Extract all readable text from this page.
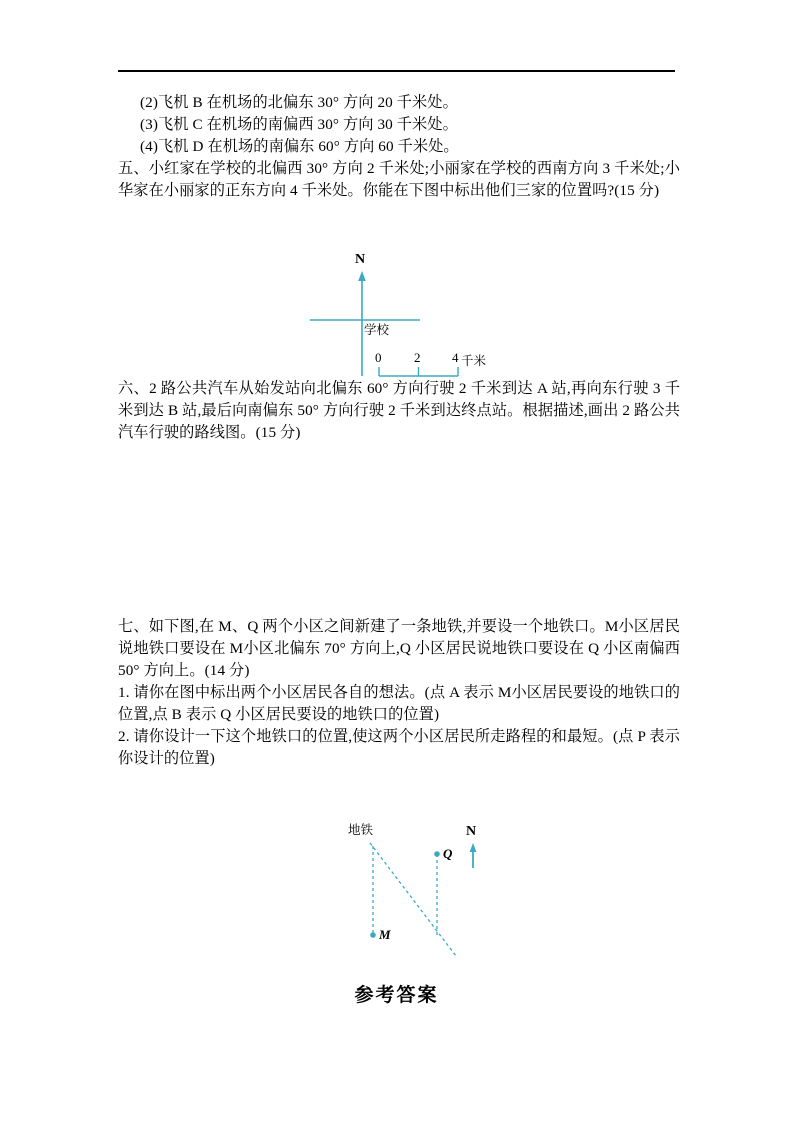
(2)飞机 B 在机场的北偏东 30° 方向 20 千米处。
(3)飞机 C 在机场的南偏西 30° 方向 30 千米处。
(4)飞机 D 在机场的南偏东 60° 方向 60 千米处。
五、小红家在学校的北偏西 30° 方向 2 千米处;小丽家在学校的西南方向 3 千米处;小华家在小丽家的正东方向 4 千米处。你能在下图中标出他们三家的位置吗?(15 分)
六、2 路公共汽车从始发站向北偏东 60° 方向行驶 2 千米到达 A 站,再向东行驶 3 千米到达 B 站,最后向南偏东 50° 方向行驶 2 千米到达终点站。根据描述,画出 2 路公共汽车行驶的路线图。(15 分)
七、如下图,在 M、Q 两个小区之间新建了一条地铁,并要设一个地铁口。M小区居民说地铁口要设在 M小区北偏东 70° 方向上,Q 小区居民说地铁口要设在 Q 小区南偏西 50° 方向上。(14 分)
1. 请你在图中标出两个小区居民各自的想法。(点 A 表示 M小区居民要设的地铁口的位置,点 B 表示 Q 小区居民要设的地铁口的位置)
2. 请你设计一下这个地铁口的位置,使这两个小区居民所走路程的和最短。(点 P 表示你设计的位置)
N
学校
0	2 4 千米
地铁	N
M
Q
参考答案
